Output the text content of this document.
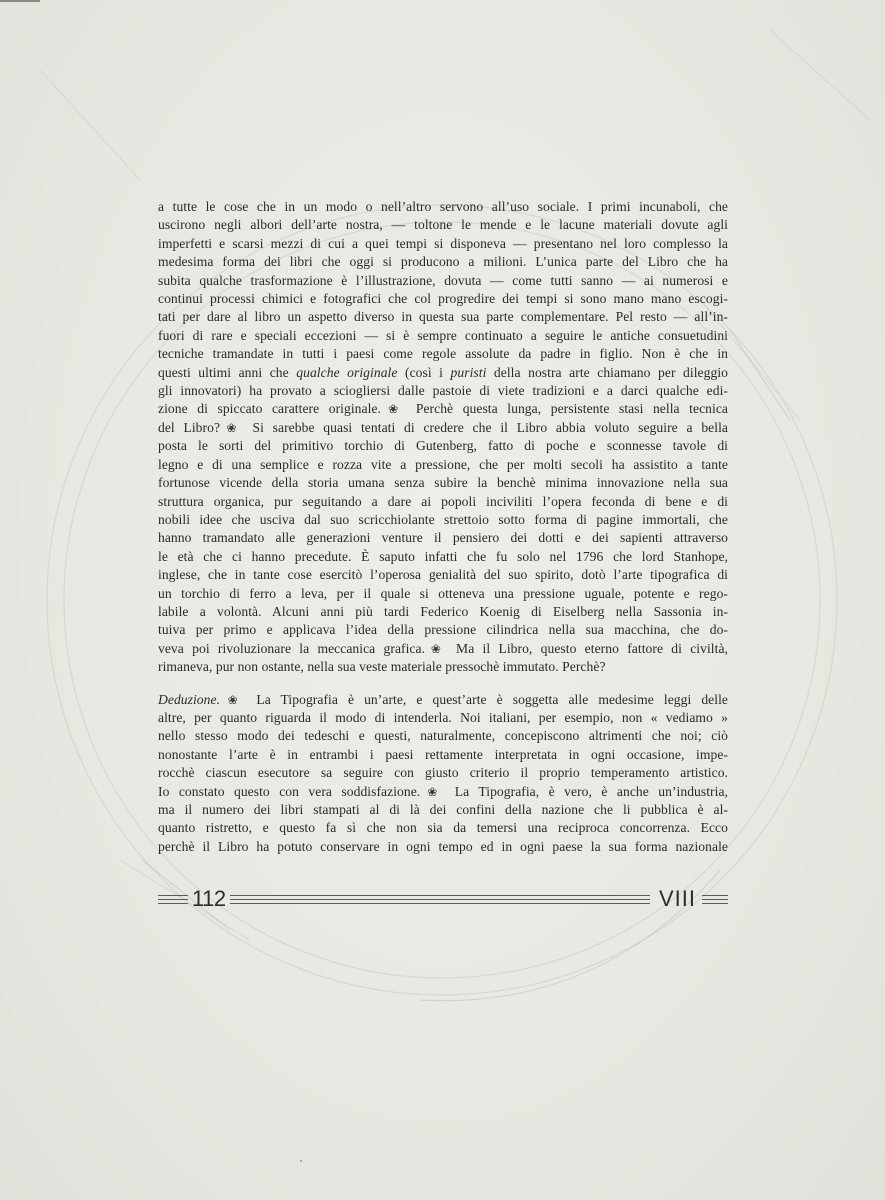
a tutte le cose che in un modo o nell’altro servono all’uso sociale. I primi incunaboli, che
uscirono negli albori dell’arte nostra, — toltone le mende e le lacune materiali dovute agli
imperfetti e scarsi mezzi di cui a quei tempi si disponeva — presentano nel loro complesso la
medesima forma dei libri che oggi si producono a milioni. L’unica parte del Libro che ha
subita qualche trasformazione è l’illustrazione, dovuta — come tutti sanno — ai numerosi e
continui processi chimici e fotografici che col progredire dei tempi si sono mano mano escogi-
tati per dare al libro un aspetto diverso in questa sua parte complementare. Pel resto — all’in-
fuori di rare e speciali eccezioni — si è sempre continuato a seguire le antiche consuetudini
tecniche tramandate in tutti i paesi come regole assolute da padre in figlio. Non è che in
questi ultimi anni che qualche originale (così i puristi della nostra arte chiamano per dileggio
gli innovatori) ha provato a sciogliersi dalle pastoie di viete tradizioni e a darci qualche edi-
zione di spiccato carattere originale.❀ Perchè questa lunga, persistente stasi nella tecnica
del Libro?❀ Si sarebbe quasi tentati di credere che il Libro abbia voluto seguire a bella
posta le sorti del primitivo torchio di Gutenberg, fatto di poche e sconnesse tavole di
legno e di una semplice e rozza vite a pressione, che per molti secoli ha assistito a tante
fortunose vicende della storia umana senza subire la benchè minima innovazione nella sua
struttura organica, pur seguitando a dare ai popoli inciviliti l’opera feconda di bene e di
nobili idee che usciva dal suo scricchiolante strettoio sotto forma di pagine immortali, che
hanno tramandato alle generazioni venture il pensiero dei dotti e dei sapienti attraverso
le età che ci hanno precedute. È saputo infatti che fu solo nel 1796 che lord Stanhope,
inglese, che in tante cose esercitò l’operosa genialità del suo spirito, dotò l’arte tipografica di
un torchio di ferro a leva, per il quale si otteneva una pressione uguale, potente e rego-
labile a volontà. Alcuni anni più tardi Federico Koenig di Eiselberg nella Sassonia in-
tuiva per primo e applicava l’idea della pressione cilindrica nella sua macchina, che do-
veva poi rivoluzionare la meccanica grafica.❀ Ma il Libro, questo eterno fattore di civiltà,
rimaneva, pur non ostante, nella sua veste materiale pressochè immutato. Perchè?

Deduzione.❀ La Tipografia è un’arte, e quest’arte è soggetta alle medesime leggi delle
altre, per quanto riguarda il modo di intenderla. Noi italiani, per esempio, non « vediamo »
nello stesso modo dei tedeschi e questi, naturalmente, concepiscono altrimenti che noi; ciò
nonostante l’arte è in entrambi i paesi rettamente interpretata in ogni occasione, impe-
rocchè ciascun esecutore sa seguire con giusto criterio il proprio temperamento artistico.
Io constato questo con vera soddisfazione.❀ La Tipografia, è vero, è anche un’industria,
ma il numero dei libri stampati al di là dei confini della nazione che li pubblica è al-
quanto ristretto, e questo fa sì che non sia da temersi una reciproca concorrenza. Ecco
perchè il Libro ha potuto conservare in ogni tempo ed in ogni paese la sua forma nazionale

112	VIII
